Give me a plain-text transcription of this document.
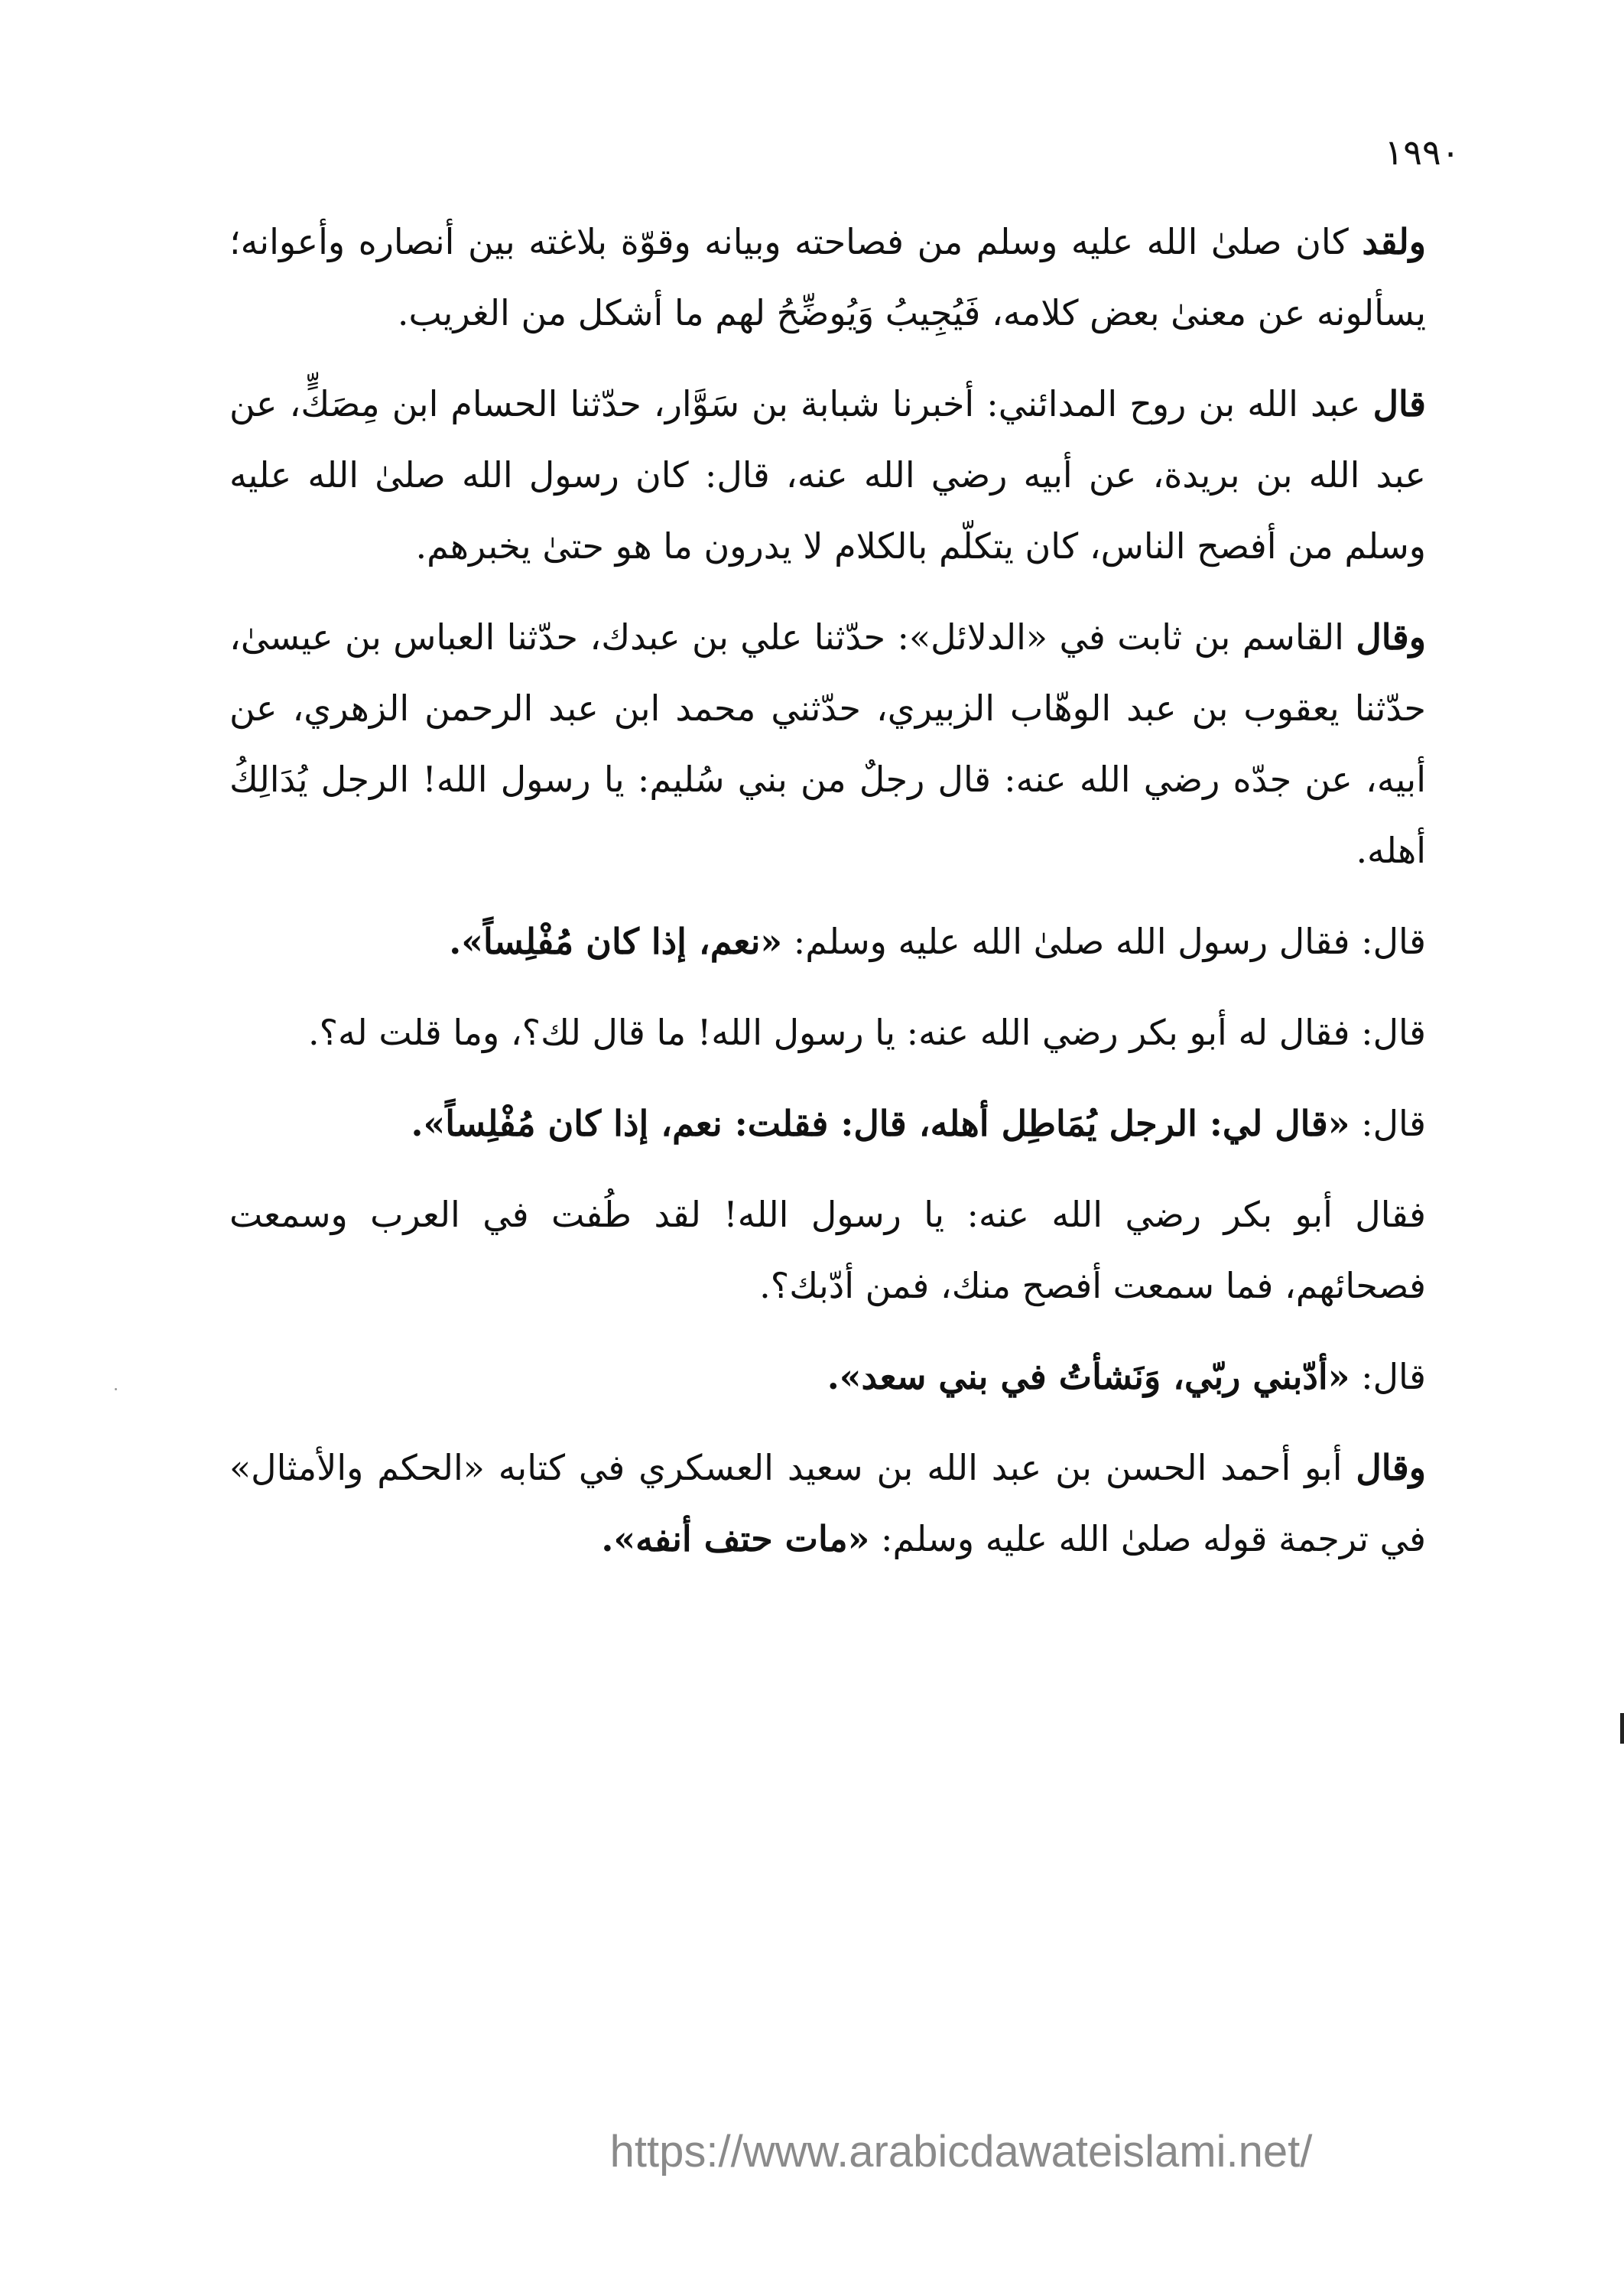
١٩٩٠

ولقد كان صلىٰ الله عليه وسلم من فصاحته وبيانه وقوّة بلاغته بين أنصاره وأعوانه؛ يسألونه عن معنىٰ بعض كلامه، فَيُجِيبُ وَيُوضِّحُ لهم ما أشكل من الغريب.

قال عبد الله بن روح المدائني: أخبرنا شبابة بن سَوَّار، حدّثنا الحسام ابن مِصَكٍّ، عن عبد الله بن بريدة، عن أبيه رضي الله عنه، قال: كان رسول الله صلىٰ الله عليه وسلم من أفصح الناس، كان يتكلّم بالكلام لا يدرون ما هو حتىٰ يخبرهم.

وقال القاسم بن ثابت في «الدلائل»: حدّثنا علي بن عبدك، حدّثنا العباس بن عيسىٰ، حدّثنا يعقوب بن عبد الوهّاب الزبيري، حدّثني محمد ابن عبد الرحمن الزهري، عن أبيه، عن جدّه رضي الله عنه: قال رجلٌ من بني سُليم: يا رسول الله! الرجل يُدَالِكُ أهله.

قال: فقال رسول الله صلىٰ الله عليه وسلم: «نعم، إذا كان مُفْلِساً».

قال: فقال له أبو بكر رضي الله عنه: يا رسول الله! ما قال لك؟، وما قلت له؟.

قال: «قال لي: الرجل يُمَاطِل أهله، قال: فقلت: نعم، إذا كان مُفْلِساً».

فقال أبو بكر رضي الله عنه: يا رسول الله! لقد طُفت في العرب وسمعت فصحائهم، فما سمعت أفصح منك، فمن أدّبك؟.

قال: «أدّبني ربّي، وَنَشأتُ في بني سعد».

وقال أبو أحمد الحسن بن عبد الله بن سعيد العسكري في كتابه «الحكم والأمثال» في ترجمة قوله صلىٰ الله عليه وسلم: «مات حتف أنفه».

https://www.arabicdawateislami.net/
